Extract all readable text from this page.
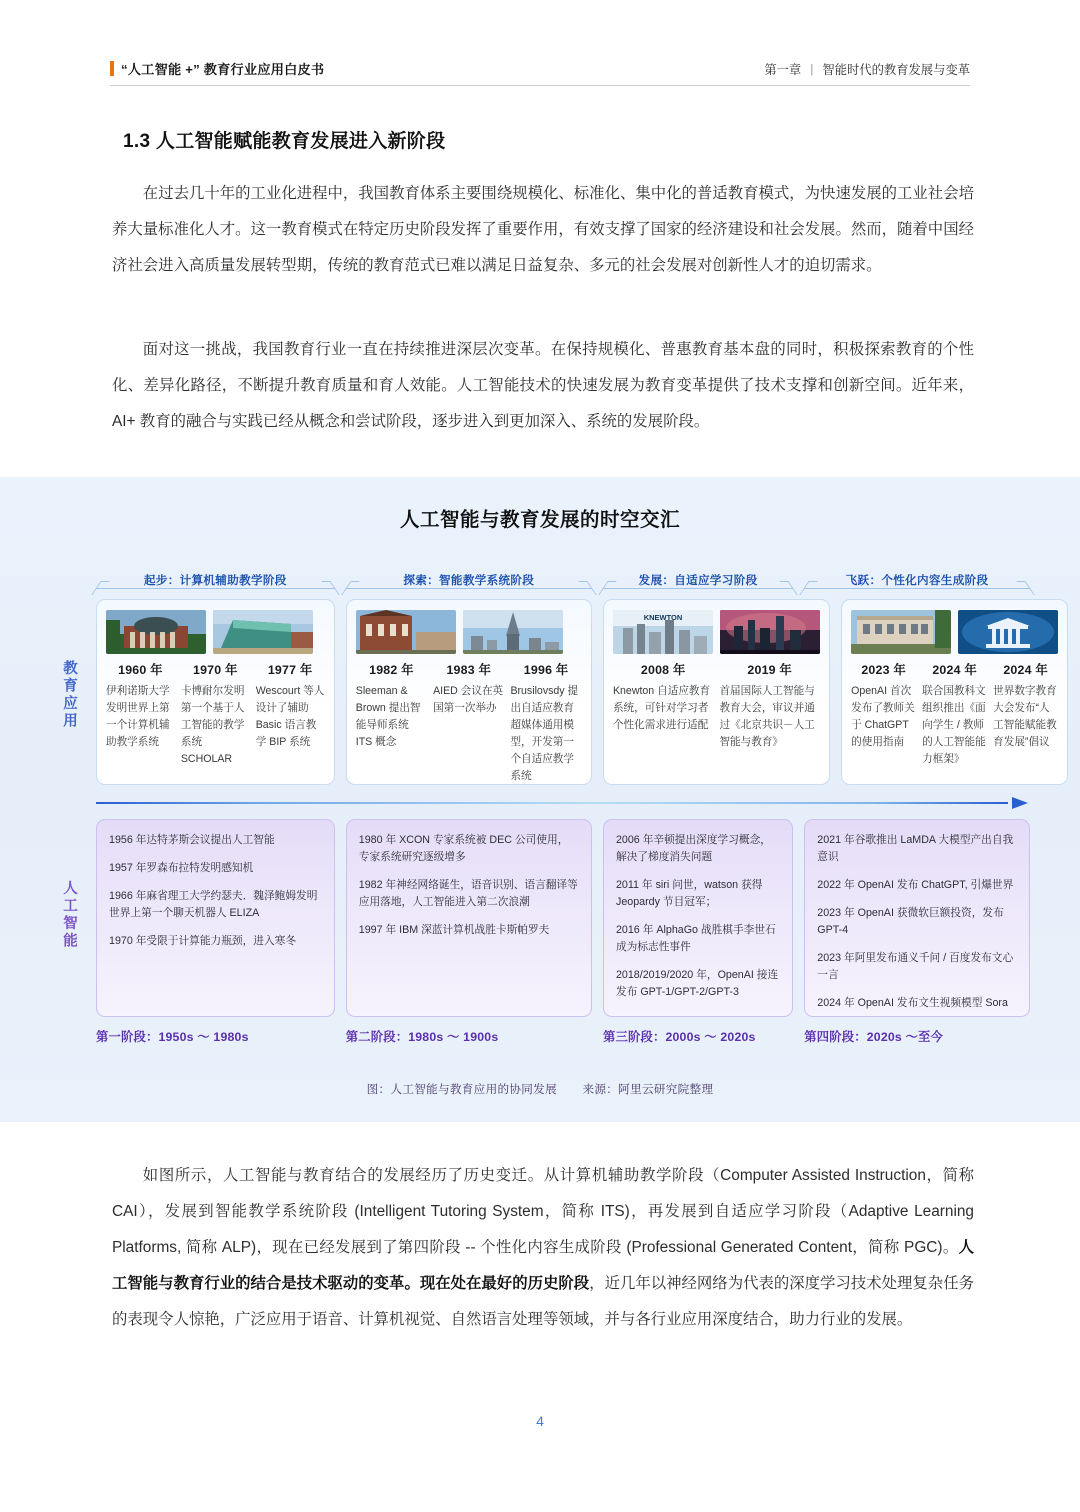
“人工智能 +” 教育行业应用白皮书	第一章 | 智能时代的教育发展与变革
1.3 人工智能赋能教育发展进入新阶段
在过去几十年的工业化进程中，我国教育体系主要围绕规模化、标准化、集中化的普适教育模式，为快速发展的工业社会培养大量标准化人才。这一教育模式在特定历史阶段发挥了重要作用，有效支撑了国家的经济建设和社会发展。然而，随着中国经济社会进入高质量发展转型期，传统的教育范式已难以满足日益复杂、多元的社会发展对创新性人才的迫切需求。
面对这一挑战，我国教育行业一直在持续推进深层次变革。在保持规模化、普惠教育基本盘的同时，积极探索教育的个性化、差异化路径，不断提升教育质量和育人效能。人工智能技术的快速发展为教育变革提供了技术支撑和创新空间。近年来，AI+ 教育的融合与实践已经从概念和尝试阶段，逐步进入到更加深入、系统的发展阶段。
人工智能与教育发展的时空交汇
起步：计算机辅助教学阶段	探索：智能教学系统阶段	发展：自适应学习阶段	飞跃：个性化内容生成阶段
1960 年
伊利诺斯大学发明世界上第一个计算机辅助教学系统
1970 年
卡博耐尔发明第一个基于人工智能的教学系统 SCHOLAR
1977 年
Wescourt 等人设计了辅助 Basic 语言教学 BIP 系统
1982 年
Sleeman & Brown 提出智能导师系统 ITS 概念
1983 年
AIED 会议在英国第一次举办
1996 年
Brusilovsdy 提出自适应教育超媒体通用模型，开发第一个自适应教学系统
KNEWTON
2008 年
Knewton 自适应教育系统，可针对学习者个性化需求进行适配
2019 年
首届国际人工智能与教育大会，审议并通过《北京共识－人工智能与教育》
2023 年
OpenAI 首次发布了教师关于 ChatGPT 的使用指南
2024 年
联合国教科文组织推出《面向学生 / 教师的人工智能能力框架》
2024 年
世界数字教育大会发布“人工智能赋能教育发展”倡议
1956 年达特茅斯会议提出人工智能
1957 年罗森布拉特发明感知机
1966 年麻省理工大学约瑟夫．魏泽鲍姆发明世界上第一个聊天机器人 ELIZA
1970 年受限于计算能力瓶颈，进入寒冬
1980 年 XCON 专家系统被 DEC 公司使用，专家系统研究逐级增多
1982 年神经网络诞生，语音识别、语言翻译等应用落地，人工智能进入第二次浪潮
1997 年 IBM 深蓝计算机战胜卡斯帕罗夫
2006 年辛顿提出深度学习概念，解决了梯度消失问题
2011 年 siri 问世，watson 获得 Jeopardy 节目冠军；
2016 年 AlphaGo 战胜棋手李世石成为标志性事件
2018/2019/2020 年，OpenAI 接连发布 GPT-1/GPT-2/GPT-3
2021 年谷歌推出 LaMDA 大模型产出自我意识
2022 年 OpenAI 发布 ChatGPT, 引爆世界
2023 年 OpenAI 获微软巨额投资，发布 GPT-4
2023 年阿里发布通义千问 / 百度发布文心一言
2024 年 OpenAI 发布文生视频模型 Sora
第一阶段：1950s ～ 1980s	第二阶段：1980s ～ 1900s	第三阶段：2000s ～ 2020s	第四阶段：2020s ～至今
图：人工智能与教育应用的协同发展 来源：阿里云研究院整理
教育应用
人工智能
如图所示，人工智能与教育结合的发展经历了历史变迁。从计算机辅助教学阶段（Computer Assisted Instruction，简称 CAI），发展到智能教学系统阶段 (Intelligent Tutoring System，简称 ITS)，再发展到自适应学习阶段（Adaptive Learning Platforms, 简称 ALP)，现在已经发展到了第四阶段 -- 个性化内容生成阶段 (Professional Generated Content，简称 PGC)。人工智能与教育行业的结合是技术驱动的变革。现在处在最好的历史阶段，近几年以神经网络为代表的深度学习技术处理复杂任务的表现令人惊艳，广泛应用于语音、计算机视觉、自然语言处理等领域，并与各行业应用深度结合，助力行业的发展。
4
